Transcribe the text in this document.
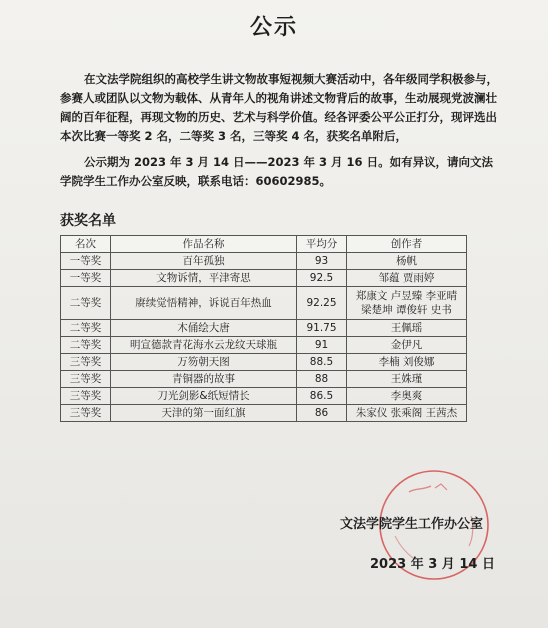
公示

在文法学院组织的高校学生讲文物故事短视频大赛活动中，各年级同学积极参与，参赛人或团队以文物为载体、从青年人的视角讲述文物背后的故事，生动展现党波澜壮阔的百年征程，再现文物的历史、艺术与科学价值。经各评委公平公正打分，现评选出本次比赛一等奖 2 名，二等奖 3 名，三等奖 4 名，获奖名单附后，

公示期为 2023 年 3 月 14 日——2023 年 3 月 16 日。如有异议，请向文法学院学生工作办公室反映，联系电话：60602985。

获奖名单
名次	作品名称	平均分	创作者
一等奖	百年孤独	93	杨帆
一等奖	文物诉情，平津寄思	92.5	邹蕴 贾雨婷
二等奖	赓续觉悟精神，诉说百年热血	92.25	郑康文 卢昱臻 李亚晴
梁楚坤 谭俊轩 史书

二等奖	木俑绘大唐	91.75	王佩瑶
二等奖	明宣德款青花海水云龙纹天球瓶	91	金伊凡
三等奖	万笏朝天图	88.5	李楠 刘俊娜
三等奖	青铜器的故事	88	王姝瑾
三等奖	刀光剑影&纸短情长	86.5	李奥爽
三等奖	天津的第一面红旗	86	朱家仪 张乘阁 王茜杰
文法学院学生工作办公室
2023 年 3 月 14 日
